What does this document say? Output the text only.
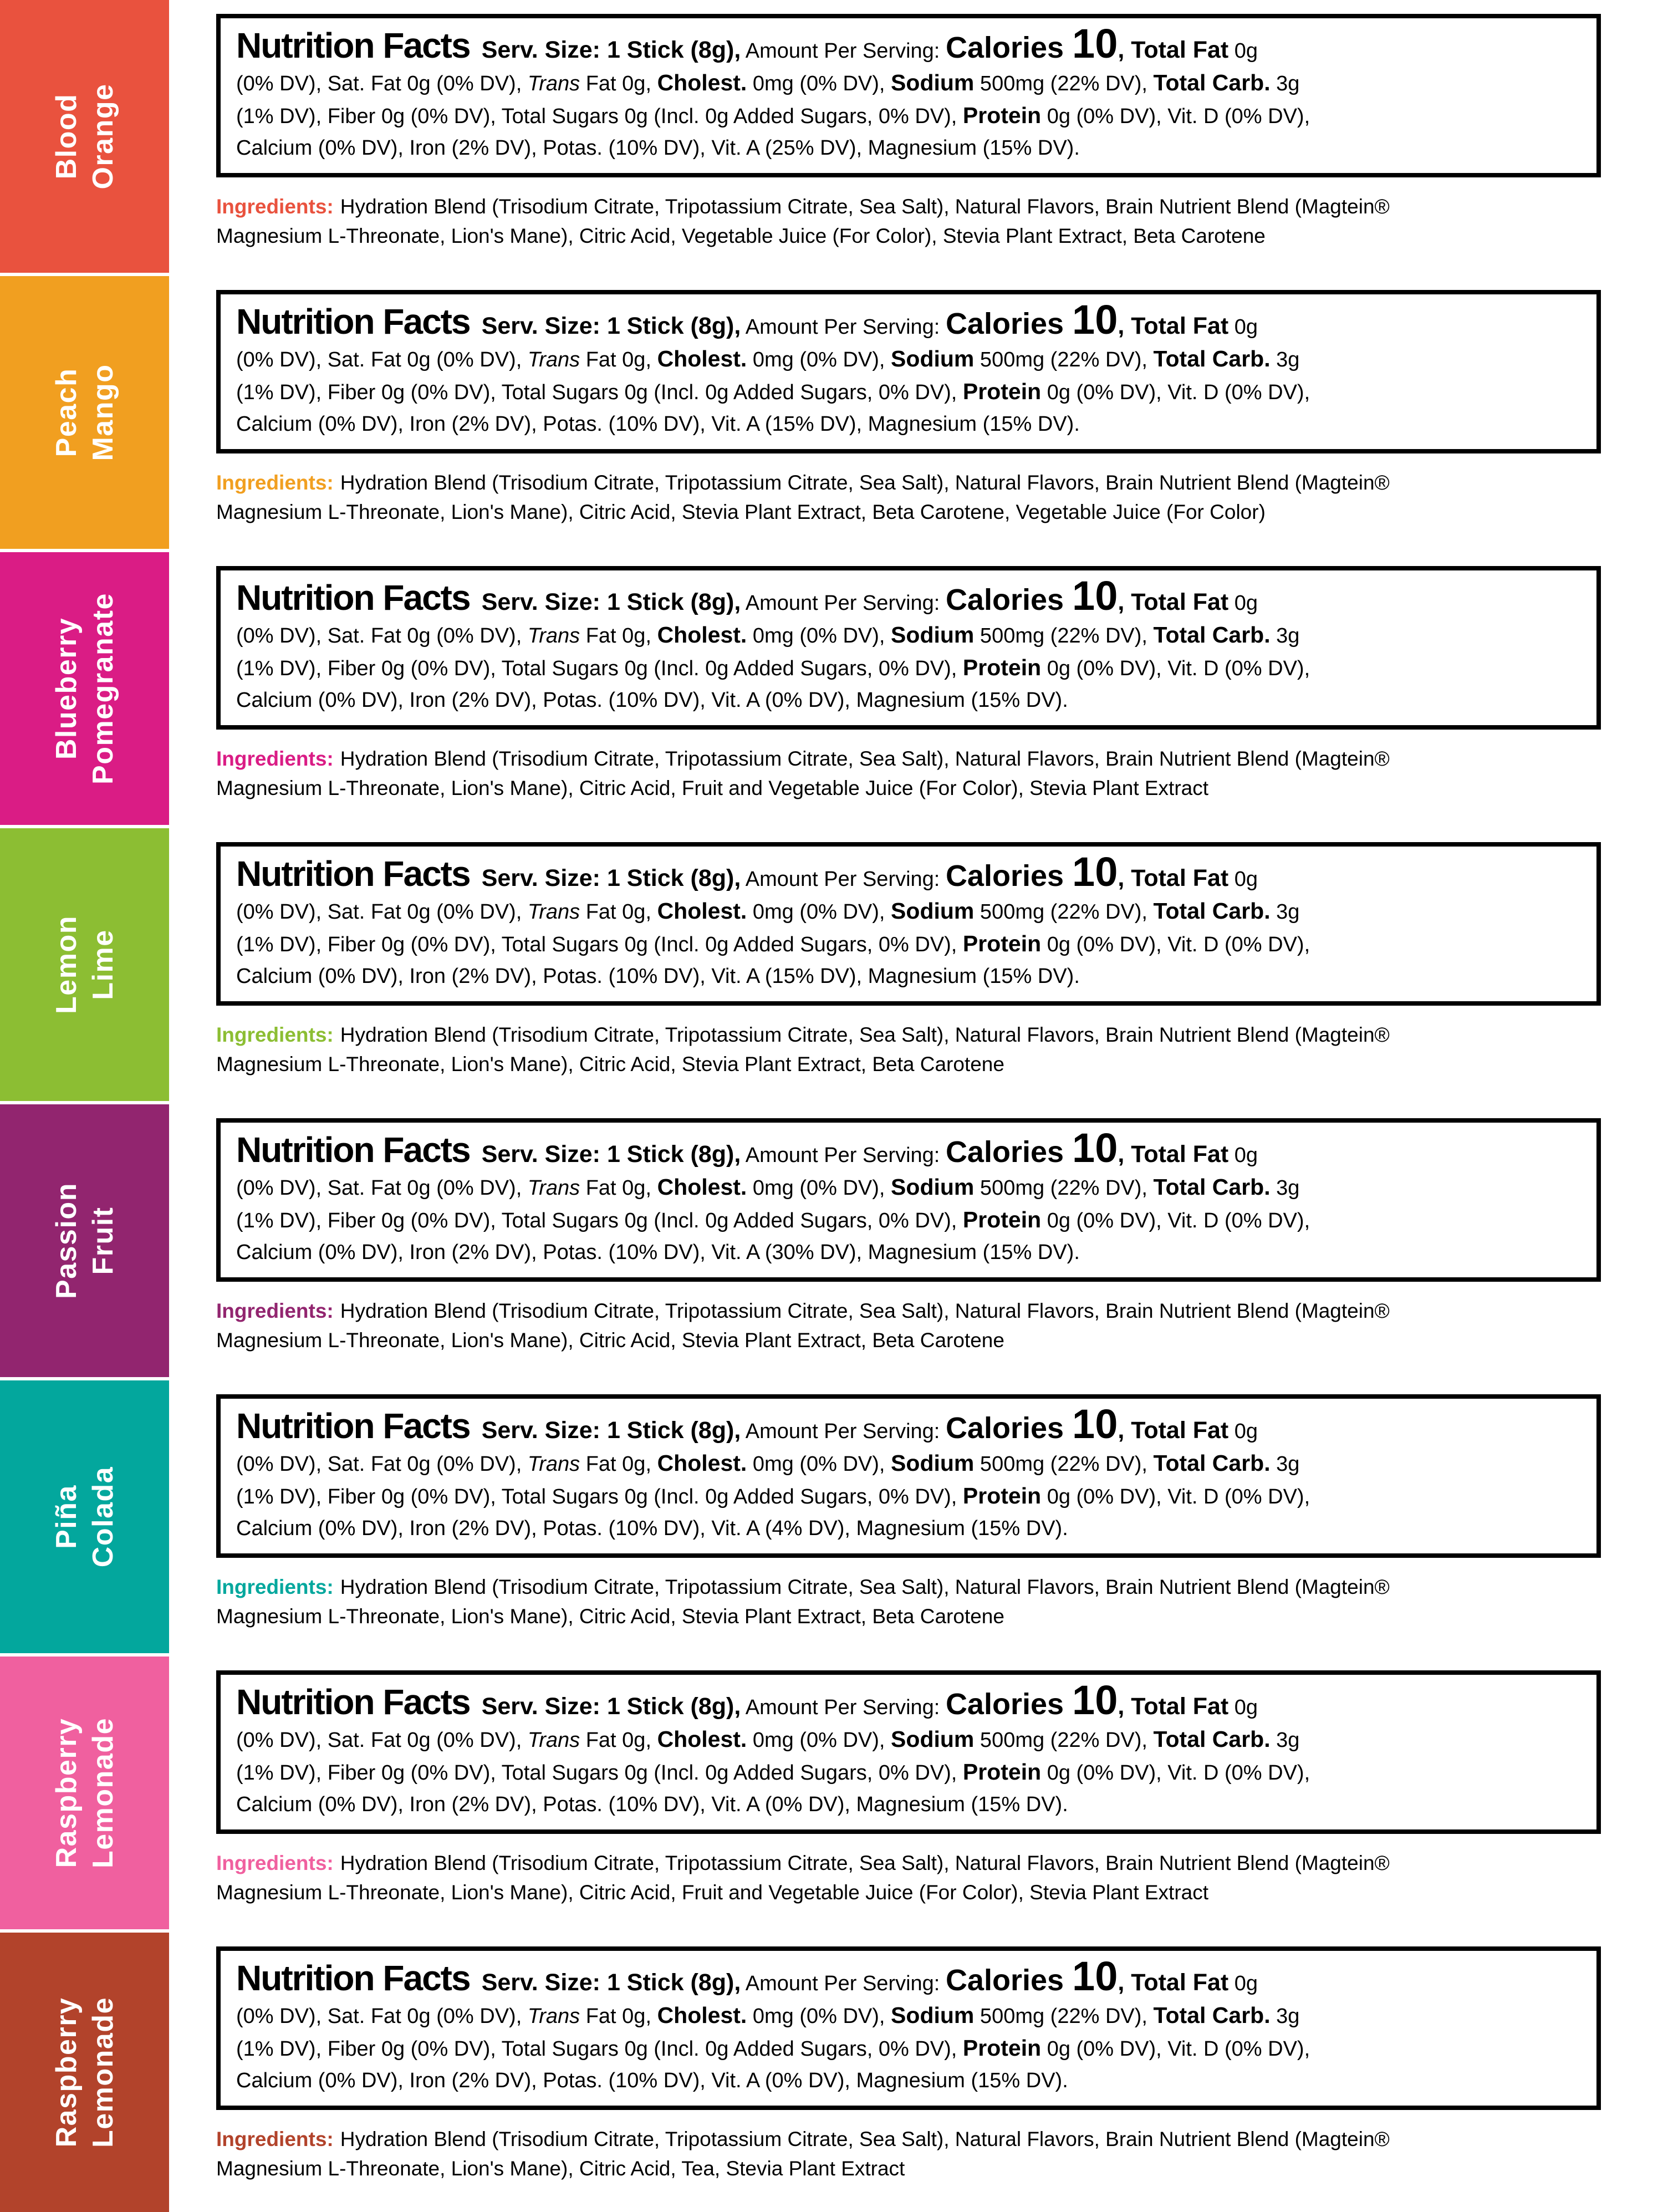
Blood Orange

Nutrition Facts Serv. Size: 1 Stick (8g), Amount Per Serving: Calories 10, Total Fat 0g
(0% DV), Sat. Fat 0g (0% DV), Trans Fat 0g, Cholest. 0mg (0% DV), Sodium 500mg (22% DV), Total Carb. 3g
(1% DV), Fiber 0g (0% DV), Total Sugars 0g (Incl. 0g Added Sugars, 0% DV), Protein 0g (0% DV), Vit. D (0% DV),
Calcium (0% DV), Iron (2% DV), Potas. (10% DV), Vit. A (25% DV), Magnesium (15% DV).

Ingredients: Hydration Blend (Trisodium Citrate, Tripotassium Citrate, Sea Salt), Natural Flavors, Brain Nutrient Blend (Magtein®
Magnesium L-Threonate, Lion's Mane), Citric Acid, Vegetable Juice (For Color), Stevia Plant Extract, Beta Carotene

Peach Mango

Nutrition Facts Serv. Size: 1 Stick (8g), Amount Per Serving: Calories 10, Total Fat 0g
(0% DV), Sat. Fat 0g (0% DV), Trans Fat 0g, Cholest. 0mg (0% DV), Sodium 500mg (22% DV), Total Carb. 3g
(1% DV), Fiber 0g (0% DV), Total Sugars 0g (Incl. 0g Added Sugars, 0% DV), Protein 0g (0% DV), Vit. D (0% DV),
Calcium (0% DV), Iron (2% DV), Potas. (10% DV), Vit. A (15% DV), Magnesium (15% DV).

Ingredients: Hydration Blend (Trisodium Citrate, Tripotassium Citrate, Sea Salt), Natural Flavors, Brain Nutrient Blend (Magtein®
Magnesium L-Threonate, Lion's Mane), Citric Acid, Stevia Plant Extract, Beta Carotene, Vegetable Juice (For Color)

Blueberry Pomegranate	Nutrition Facts Serv. Size: 1 Stick (8g), Amount Per Serving: Calories 10, Total Fat 0g
(0% DV), Sat. Fat 0g (0% DV), Trans Fat 0g, Cholest. 0mg (0% DV), Sodium 500mg (22% DV), Total Carb. 3g
(1% DV), Fiber 0g (0% DV), Total Sugars 0g (Incl. 0g Added Sugars, 0% DV), Protein 0g (0% DV), Vit. D (0% DV),
Calcium (0% DV), Iron (2% DV), Potas. (10% DV), Vit. A (0% DV), Magnesium (15% DV).

Ingredients: Hydration Blend (Trisodium Citrate, Tripotassium Citrate, Sea Salt), Natural Flavors, Brain Nutrient Blend (Magtein®
Magnesium L-Threonate, Lion's Mane), Citric Acid, Fruit and Vegetable Juice (For Color), Stevia Plant Extract

Lemon Lime

Nutrition Facts Serv. Size: 1 Stick (8g), Amount Per Serving: Calories 10, Total Fat 0g
(0% DV), Sat. Fat 0g (0% DV), Trans Fat 0g, Cholest. 0mg (0% DV), Sodium 500mg (22% DV), Total Carb. 3g
(1% DV), Fiber 0g (0% DV), Total Sugars 0g (Incl. 0g Added Sugars, 0% DV), Protein 0g (0% DV), Vit. D (0% DV),
Calcium (0% DV), Iron (2% DV), Potas. (10% DV), Vit. A (15% DV), Magnesium (15% DV).

Ingredients: Hydration Blend (Trisodium Citrate, Tripotassium Citrate, Sea Salt), Natural Flavors, Brain Nutrient Blend (Magtein®
Magnesium L-Threonate, Lion's Mane), Citric Acid, Stevia Plant Extract, Beta Carotene

Passion Fruit

Nutrition Facts Serv. Size: 1 Stick (8g), Amount Per Serving: Calories 10, Total Fat 0g
(0% DV), Sat. Fat 0g (0% DV), Trans Fat 0g, Cholest. 0mg (0% DV), Sodium 500mg (22% DV), Total Carb. 3g
(1% DV), Fiber 0g (0% DV), Total Sugars 0g (Incl. 0g Added Sugars, 0% DV), Protein 0g (0% DV), Vit. D (0% DV),
Calcium (0% DV), Iron (2% DV), Potas. (10% DV), Vit. A (30% DV), Magnesium (15% DV).

Ingredients: Hydration Blend (Trisodium Citrate, Tripotassium Citrate, Sea Salt), Natural Flavors, Brain Nutrient Blend (Magtein®
Magnesium L-Threonate, Lion's Mane), Citric Acid, Stevia Plant Extract, Beta Carotene

Piña Colada

Nutrition Facts Serv. Size: 1 Stick (8g), Amount Per Serving: Calories 10, Total Fat 0g
(0% DV), Sat. Fat 0g (0% DV), Trans Fat 0g, Cholest. 0mg (0% DV), Sodium 500mg (22% DV), Total Carb. 3g
(1% DV), Fiber 0g (0% DV), Total Sugars 0g (Incl. 0g Added Sugars, 0% DV), Protein 0g (0% DV), Vit. D (0% DV),
Calcium (0% DV), Iron (2% DV), Potas. (10% DV), Vit. A (4% DV), Magnesium (15% DV).

Ingredients: Hydration Blend (Trisodium Citrate, Tripotassium Citrate, Sea Salt), Natural Flavors, Brain Nutrient Blend (Magtein®
Magnesium L-Threonate, Lion's Mane), Citric Acid, Stevia Plant Extract, Beta Carotene

Raspberry Lemonade

Nutrition Facts Serv. Size: 1 Stick (8g), Amount Per Serving: Calories 10, Total Fat 0g
(0% DV), Sat. Fat 0g (0% DV), Trans Fat 0g, Cholest. 0mg (0% DV), Sodium 500mg (22% DV), Total Carb. 3g
(1% DV), Fiber 0g (0% DV), Total Sugars 0g (Incl. 0g Added Sugars, 0% DV), Protein 0g (0% DV), Vit. D (0% DV),
Calcium (0% DV), Iron (2% DV), Potas. (10% DV), Vit. A (0% DV), Magnesium (15% DV).

Ingredients: Hydration Blend (Trisodium Citrate, Tripotassium Citrate, Sea Salt), Natural Flavors, Brain Nutrient Blend (Magtein®
Magnesium L-Threonate, Lion's Mane), Citric Acid, Fruit and Vegetable Juice (For Color), Stevia Plant Extract

Raspberry Lemonade

Nutrition Facts Serv. Size: 1 Stick (8g), Amount Per Serving: Calories 10, Total Fat 0g
(0% DV), Sat. Fat 0g (0% DV), Trans Fat 0g, Cholest. 0mg (0% DV), Sodium 500mg (22% DV), Total Carb. 3g
(1% DV), Fiber 0g (0% DV), Total Sugars 0g (Incl. 0g Added Sugars, 0% DV), Protein 0g (0% DV), Vit. D (0% DV),
Calcium (0% DV), Iron (2% DV), Potas. (10% DV), Vit. A (0% DV), Magnesium (15% DV).

Ingredients: Hydration Blend (Trisodium Citrate, Tripotassium Citrate, Sea Salt), Natural Flavors, Brain Nutrient Blend (Magtein®
Magnesium L-Threonate, Lion's Mane), Citric Acid, Tea, Stevia Plant Extract
